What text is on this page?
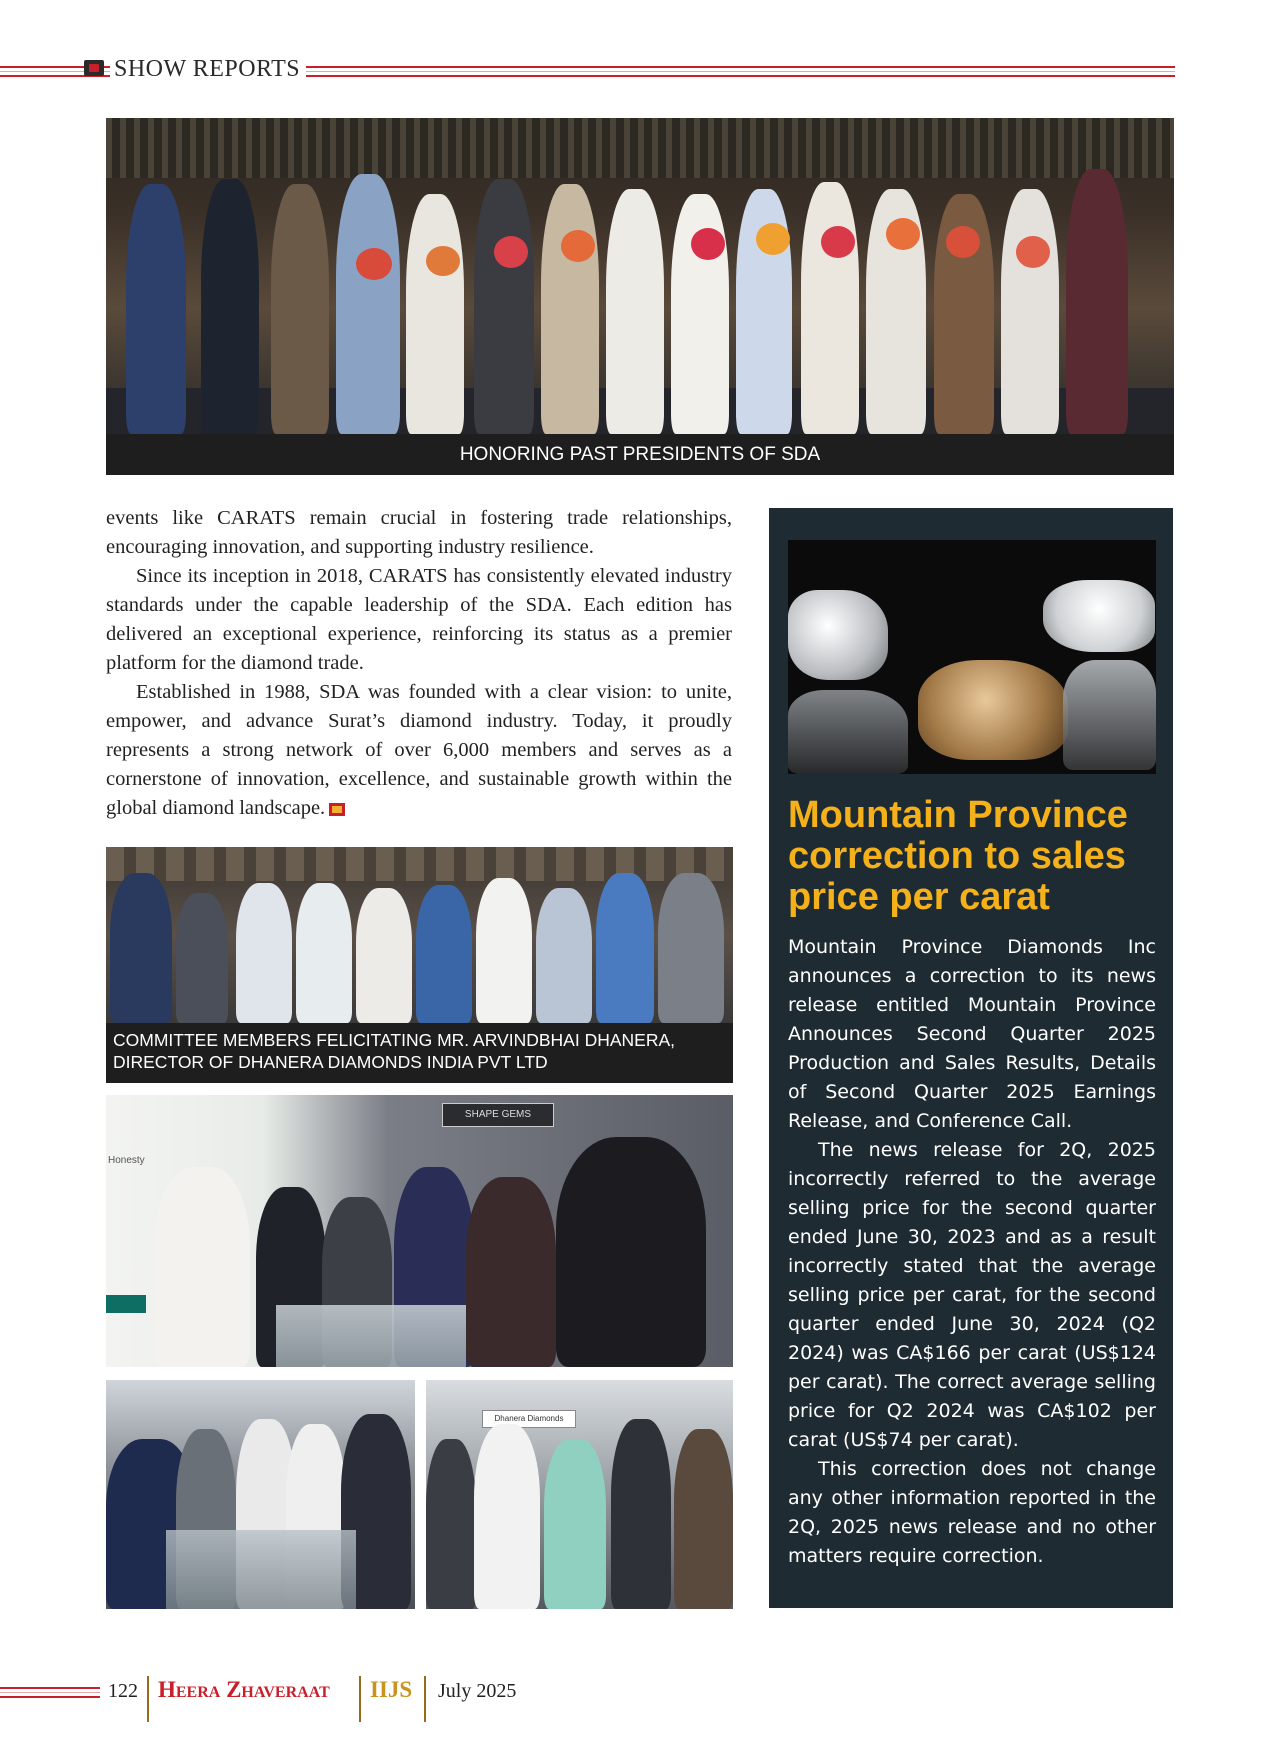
SHOW REPORTS
HONORING PAST PRESIDENTS OF SDA

events like CARATS remain crucial in fostering trade relationships, encouraging innovation, and supporting industry resilience.

Since its inception in 2018, CARATS has consistently elevated industry standards under the capable leadership of the SDA. Each edition has delivered an exceptional experience, reinforcing its status as a premier platform for the diamond trade.

Established in 1988, SDA was founded with a clear vision: to unite, empower, and advance Surat’s diamond industry. Today, it proudly represents a strong network of over 6,000 members and serves as a cornerstone of innovation, excellence, and sustainable growth within the global diamond landscape.

COMMITTEE MEMBERS FELICITATING MR. ARVINDBHAI DHANERA, DIRECTOR OF DHANERA DIAMONDS INDIA PVT LTD
Honesty
SHAPE GEMS
Dhanera Diamonds
Mountain Province correction to sales price per carat

Mountain Province Diamonds Inc announces a correction to its news release entitled Mountain Province Announces Second Quarter 2025 Production and Sales Results, Details of Second Quarter 2025 Earnings Release, and Conference Call.

The news release for 2Q, 2025 incorrectly referred to the average selling price for the second quarter ended June 30, 2023 and as a result incorrectly stated that the average selling price per carat, for the second quarter ended June 30, 2024 (Q2 2024) was CA$166 per carat (US$124 per carat). The correct average selling price for Q2 2024 was CA$102 per carat (US$74 per carat).

This correction does not change any other information reported in the 2Q, 2025 news release and no other matters require correction.

122 Heera Zhaveraat IIJS July 2025
